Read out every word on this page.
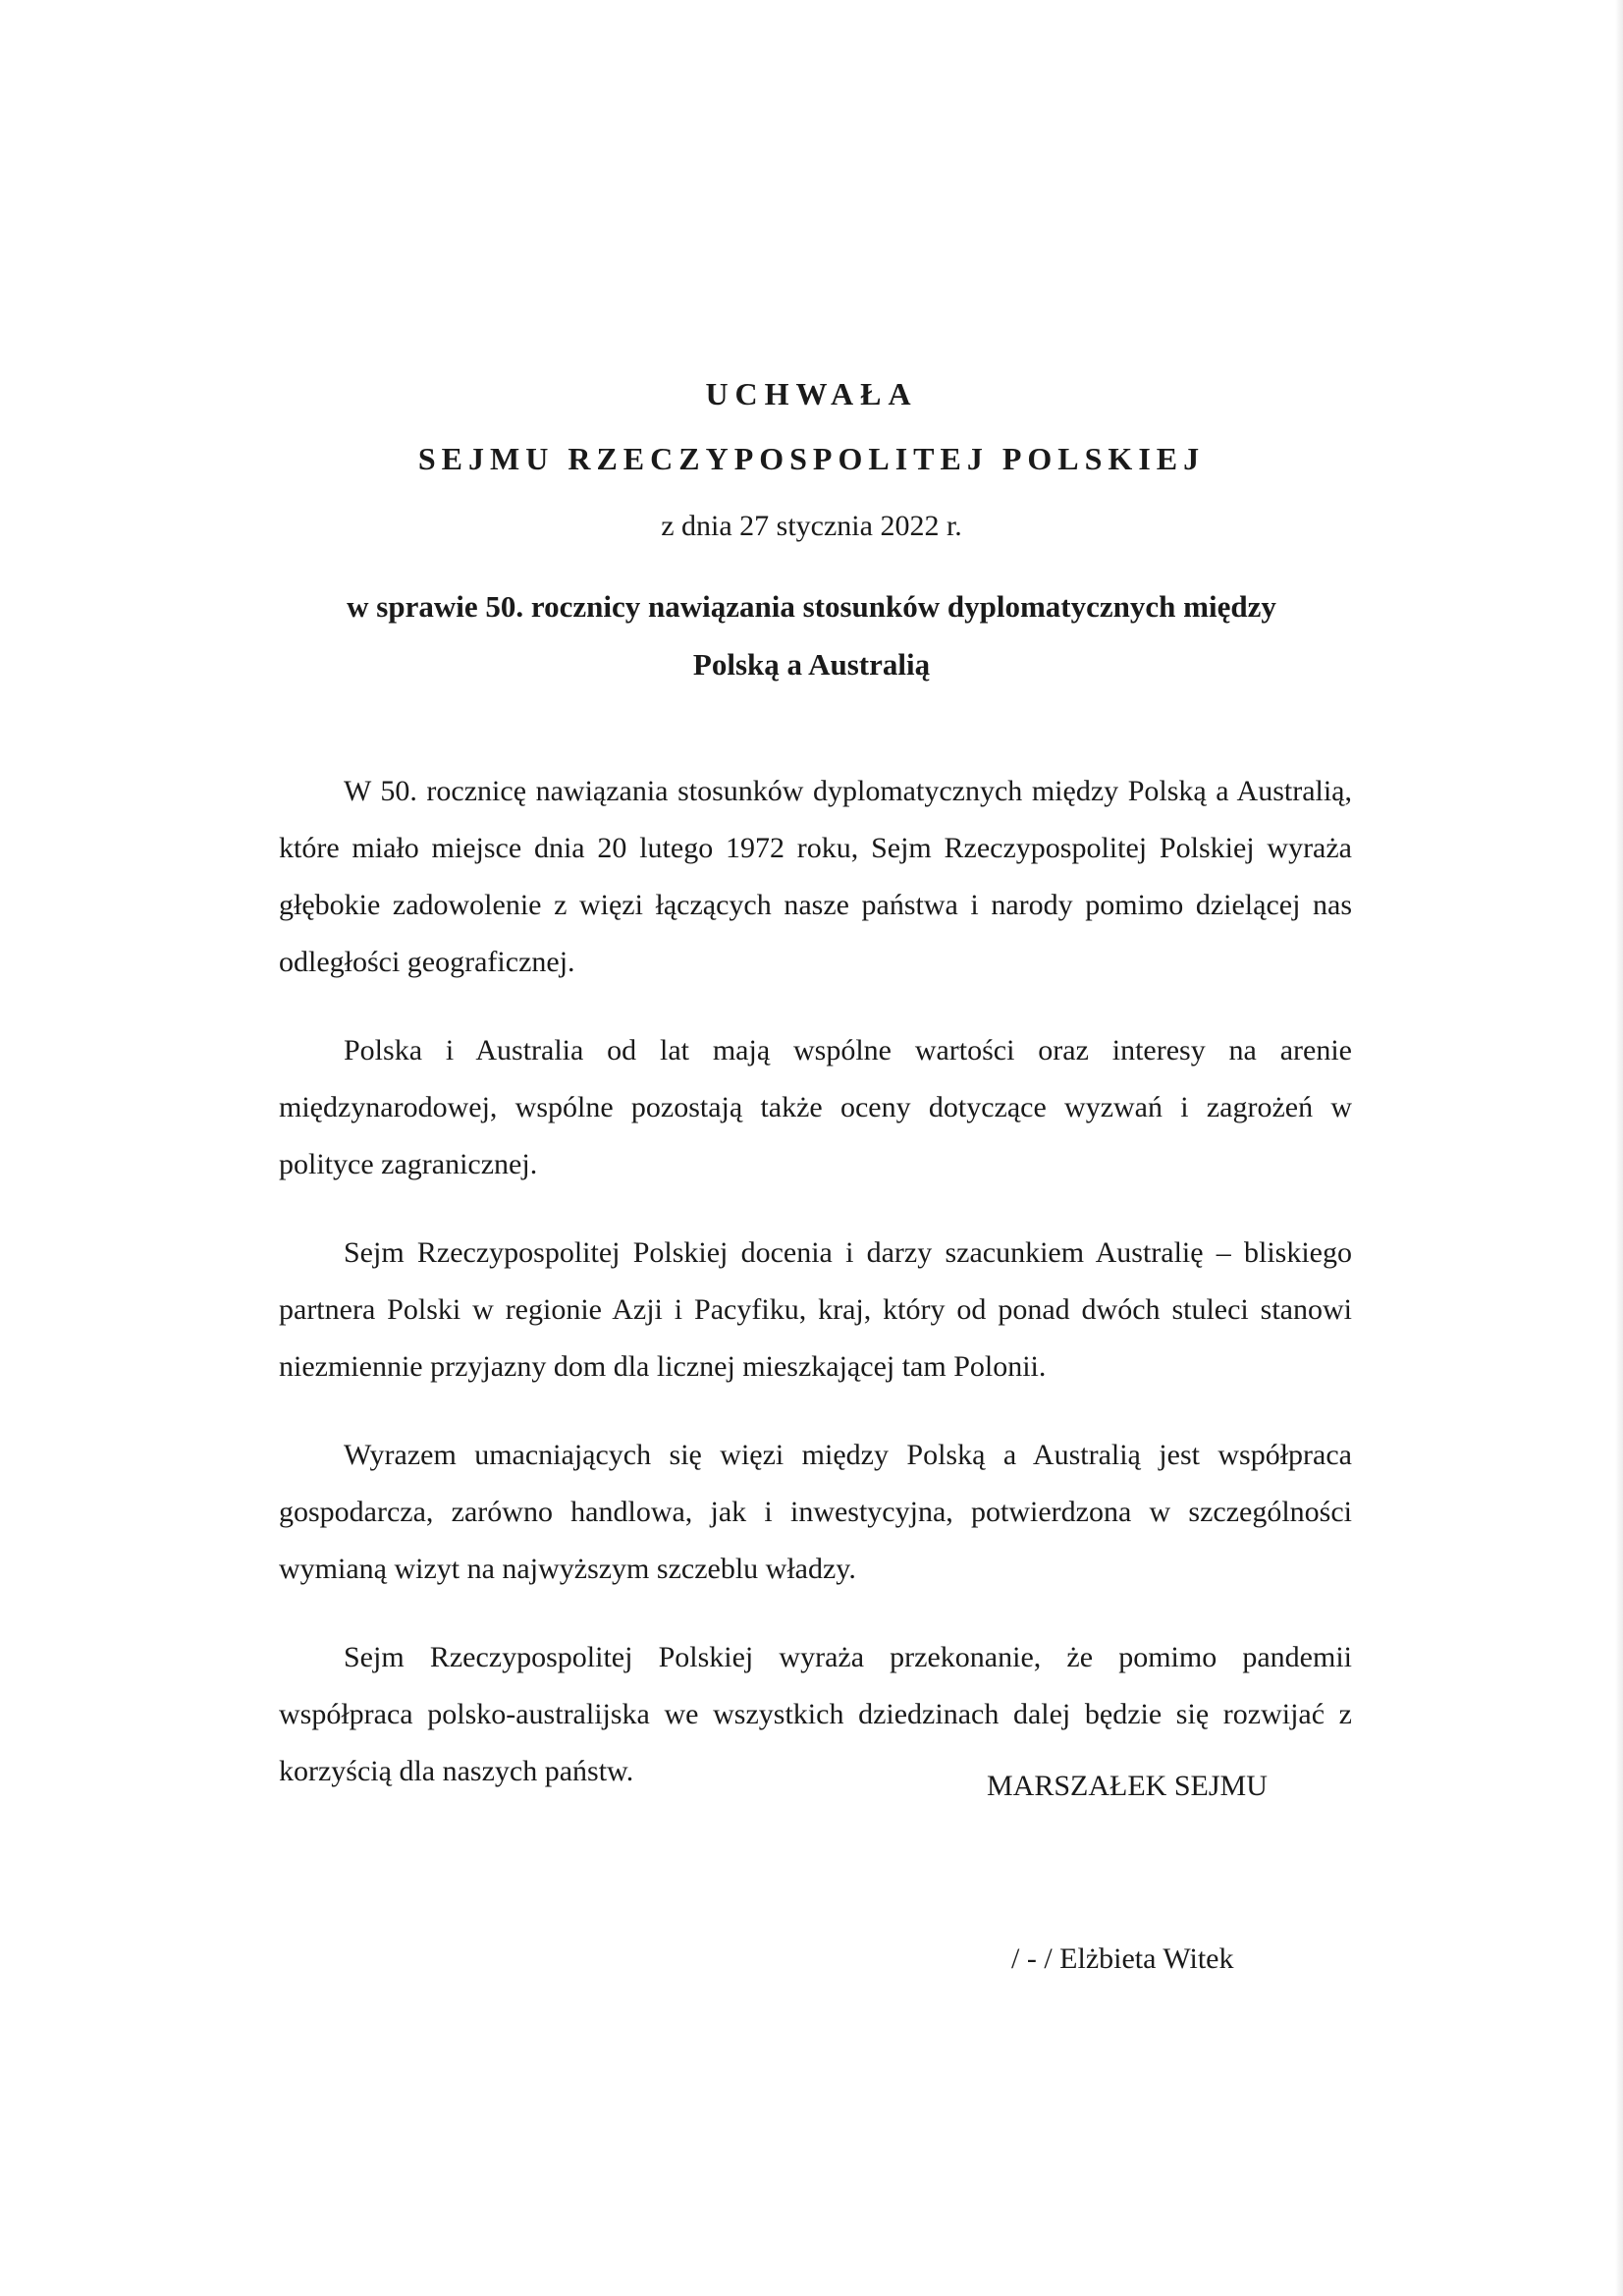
UCHWAŁA
SEJMU RZECZYPOSPOLITEJ POLSKIEJ
z dnia 27 stycznia 2022 r.
w sprawie 50. rocznicy nawiązania stosunków dyplomatycznych między
Polską a Australią

W 50. rocznicę nawiązania stosunków dyplomatycznych między Polską a Australią, które miało miejsce dnia 20 lutego 1972 roku, Sejm Rzeczypospolitej Polskiej wyraża głębokie zadowolenie z więzi łączących nasze państwa i narody pomimo dzielącej nas odległości geograficznej.

Polska i Australia od lat mają wspólne wartości oraz interesy na arenie międzynarodowej, wspólne pozostają także oceny dotyczące wyzwań i zagrożeń w polityce zagranicznej.

Sejm Rzeczypospolitej Polskiej docenia i darzy szacunkiem Australię – bliskiego partnera Polski w regionie Azji i Pacyfiku, kraj, który od ponad dwóch stuleci stanowi niezmiennie przyjazny dom dla licznej mieszkającej tam Polonii.

Wyrazem umacniających się więzi między Polską a Australią jest współpraca gospodarcza, zarówno handlowa, jak i inwestycyjna, potwierdzona w szczególności wymianą wizyt na najwyższym szczeblu władzy.

Sejm Rzeczypospolitej Polskiej wyraża przekonanie, że pomimo pandemii współpraca polsko-australijska we wszystkich dziedzinach dalej będzie się rozwijać z korzyścią dla naszych państw.	MARSZAŁEK SEJMU
/ - / Elżbieta Witek
